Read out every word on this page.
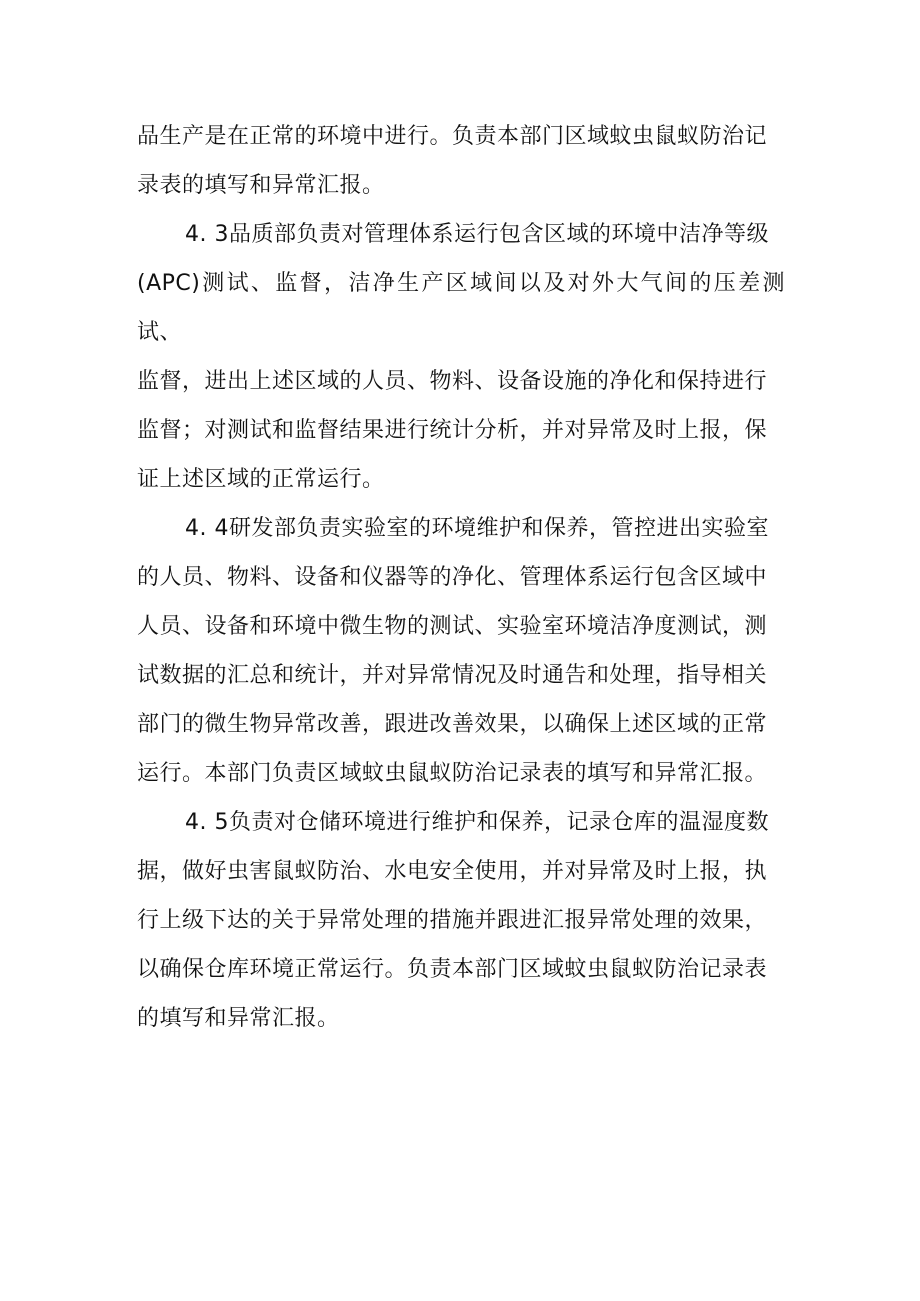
品生产是在正常的环境中进行。负责本部门区域蚊虫鼠蚁防治记
录表的填写和异常汇报。
4. 3品质部负责对管理体系运行包含区域的环境中洁净等级
(APC)测试、监督，洁净生产区域间以及对外大气间的压差测试、
监督，进出上述区域的人员、物料、设备设施的净化和保持进行
监督；对测试和监督结果进行统计分析，并对异常及时上报，保
证上述区域的正常运行。
4. 4研发部负责实验室的环境维护和保养，管控进出实验室
的人员、物料、设备和仪器等的净化、管理体系运行包含区域中
人员、设备和环境中微生物的测试、实验室环境洁净度测试，测
试数据的汇总和统计，并对异常情况及时通告和处理，指导相关
部门的微生物异常改善，跟进改善效果，以确保上述区域的正常
运行。本部门负责区域蚊虫鼠蚁防治记录表的填写和异常汇报。
4. 5负责对仓储环境进行维护和保养，记录仓库的温湿度数
据，做好虫害鼠蚁防治、水电安全使用，并对异常及时上报，执
行上级下达的关于异常处理的措施并跟进汇报异常处理的效果，
以确保仓库环境正常运行。负责本部门区域蚊虫鼠蚁防治记录表
的填写和异常汇报。
